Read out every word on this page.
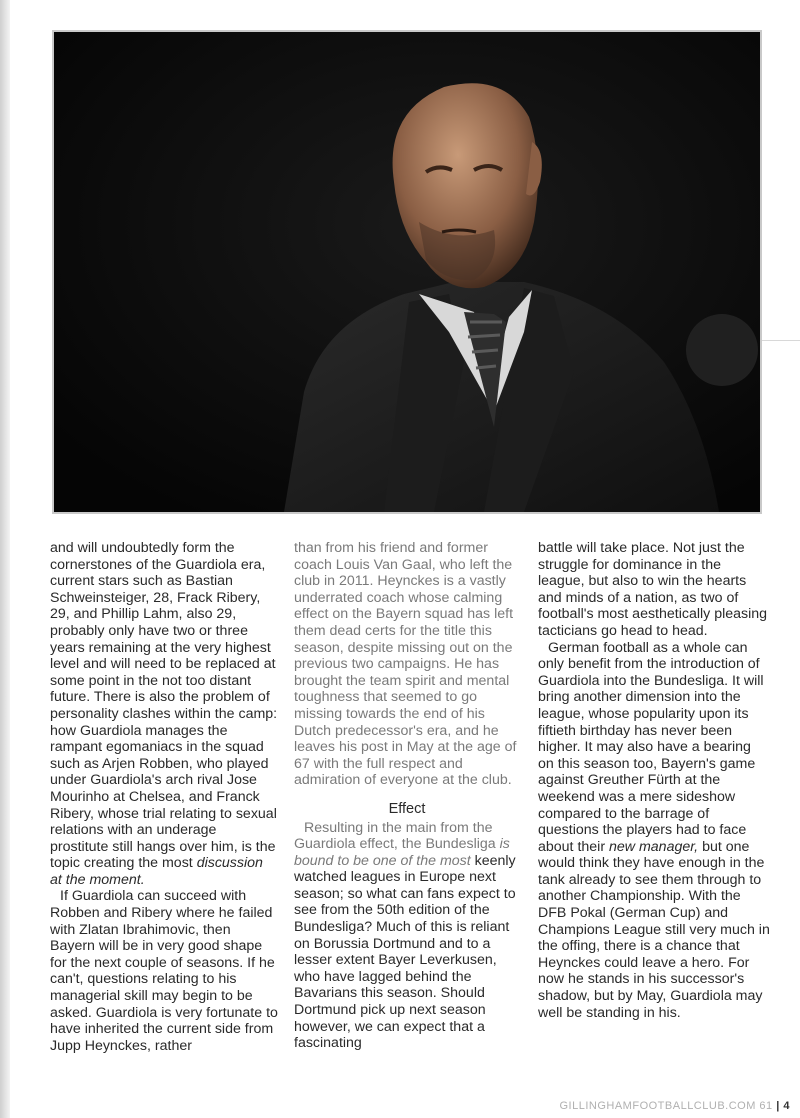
and will undoubtedly form the cornerstones of the Guardiola era, current stars such as Bastian Schweinsteiger, 28, Frack Ribery, 29, and Phillip Lahm, also 29, probably only have two or three years remaining at the very highest level and will need to be replaced at some point in the not too distant future. There is also the problem of personality clashes within the camp: how Guardiola manages the rampant egomaniacs in the squad such as Arjen Robben, who played under Guardiola's arch rival Jose Mourinho at Chelsea, and Franck Ribery, whose trial relating to sexual relations with an underage prostitute still hangs over him, is the topic creating the most discussion at the moment.

If Guardiola can succeed with Robben and Ribery where he failed with Zlatan Ibrahimovic, then Bayern will be in very good shape for the next couple of seasons. If he can't, questions relating to his managerial skill may begin to be asked. Guardiola is very fortunate to have inherited the current side from Jupp Heynckes, rather

than from his friend and former coach Louis Van Gaal, who left the club in 2011. Heynckes is a vastly underrated coach whose calming effect on the Bayern squad has left them dead certs for the title this season, despite missing out on the previous two campaigns. He has brought the team spirit and mental toughness that seemed to go missing towards the end of his Dutch predecessor's era, and he leaves his post in May at the age of 67 with the full respect and admiration of everyone at the club.

Effect

Resulting in the main from the Guardiola effect, the Bundesliga is bound to be one of the most keenly watched leagues in Europe next season; so what can fans expect to see from the 50th edition of the Bundesliga? Much of this is reliant on Borussia Dortmund and to a lesser extent Bayer Leverkusen, who have lagged behind the Bavarians this season. Should Dortmund pick up next season however, we can expect that a fascinating

battle will take place. Not just the struggle for dominance in the league, but also to win the hearts and minds of a nation, as two of football's most aesthetically pleasing tacticians go head to head.

German football as a whole can only benefit from the introduction of Guardiola into the Bundesliga. It will bring another dimension into the league, whose popularity upon its fiftieth birthday has never been higher. It may also have a bearing on this season too, Bayern's game against Greuther Fürth at the weekend was a mere sideshow compared to the barrage of questions the players had to face about their new manager, but one would think they have enough in the tank already to see them through to another Championship. With the DFB Pokal (German Cup) and Champions League still very much in the offing, there is a chance that Heynckes could leave a hero. For now he stands in his successor's shadow, but by May, Guardiola may well be standing in his.

GILLINGHAMFOOTBALLCLUB.COM 61 | 4
